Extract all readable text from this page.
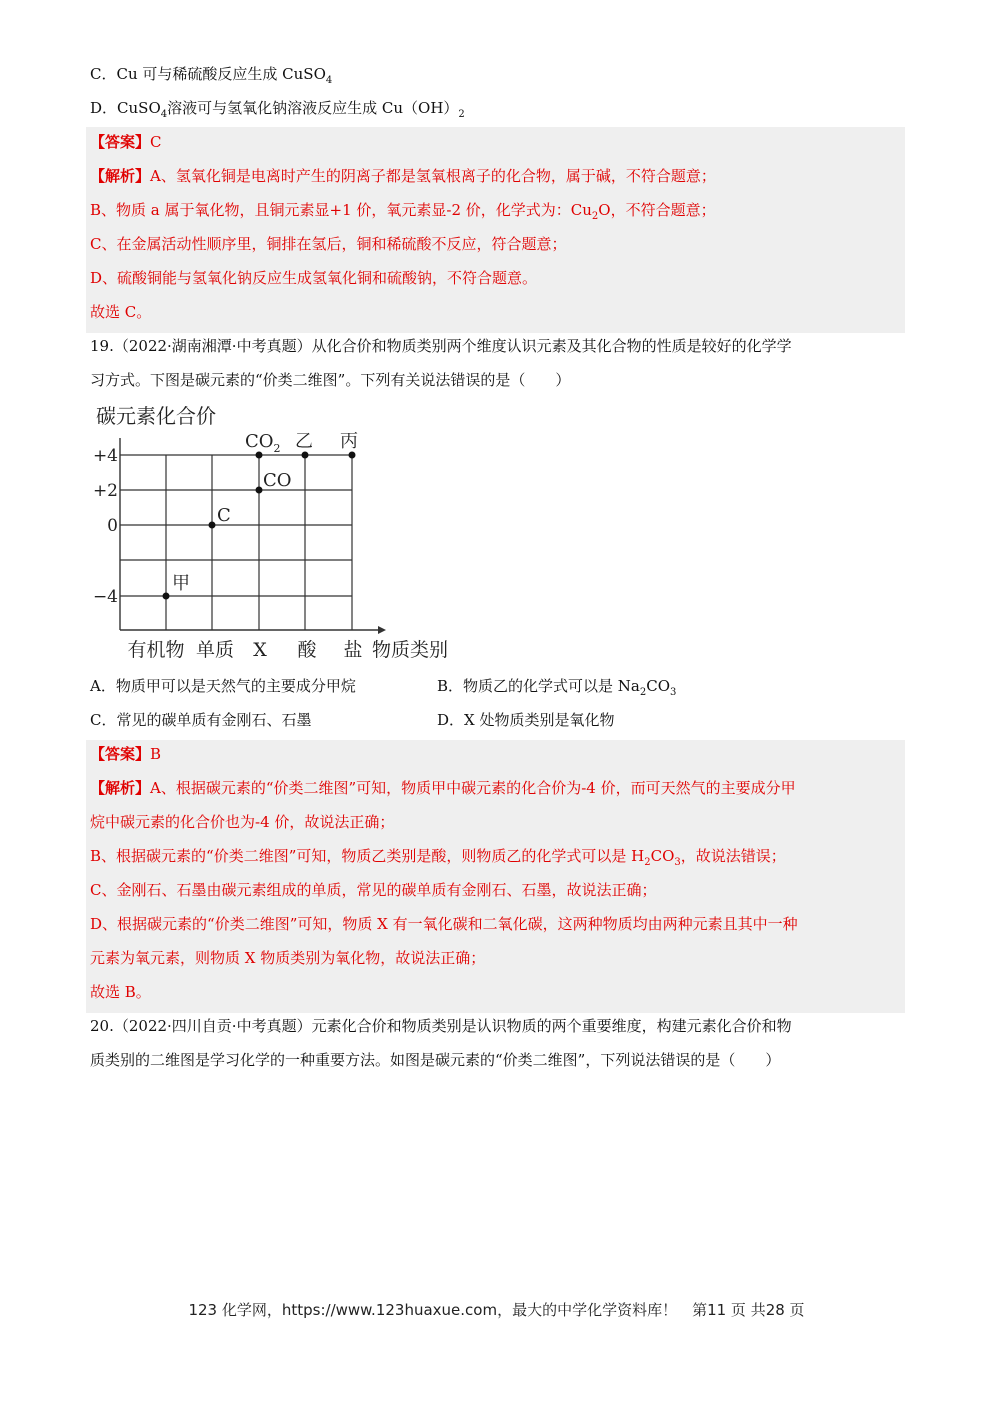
C．Cu 可与稀硫酸反应生成 CuSO$_4$
D．CuSO$_4$溶液可与氢氧化钠溶液反应生成 $Cu(OH)_2$
【答案】C
【解析】A、氢氧化铜是电离时产生的阴离子都是氢氧根离子的化合物，属于碱，不符合题意；
B、物质 a 属于氧化物，且铜元素显+1 价，氧元素显-2 价，化学式为：$Cu_2O$，不符合题意；
C、在金属活动性顺序里，铜排在氢后，铜和稀硫酸不反应，符合题意；
D、硫酸铜能与氢氧化钠反应生成氢氧化铜和硫酸钠，不符合题意。
故选 C。
19.（2022·湖南湘潭·中考真题）从化合价和物质类别两个维度认识元素及其化合物的性质是较好的化学学
习方式。下图是碳元素的“价类二维图”。下列有关说法错误的是（　　）
碳元素化合价
+4
+2
0
−4
有机物 单质 X 酸 盐 物质类别
甲
C
CO
$CO_2$ 乙 丙
A．物质甲可以是天然气的主要成分甲烷	B．物质乙的化学式可以是 $Na_2CO_3$
C．常见的碳单质有金刚石、石墨	D．X 处物质类别是氧化物
【答案】B
【解析】A、根据碳元素的“价类二维图”可知，物质甲中碳元素的化合价为-4 价，而可天然气的主要成分甲
烷中碳元素的化合价也为-4 价，故说法正确；
B、根据碳元素的“价类二维图”可知，物质乙类别是酸，则物质乙的化学式可以是 $H_2CO_3$，故说法错误；
C、金刚石、石墨由碳元素组成的单质，常见的碳单质有金刚石、石墨，故说法正确；
D、根据碳元素的“价类二维图”可知，物质 X 有一氧化碳和二氧化碳，这两种物质均由两种元素且其中一种
元素为氧元素，则物质 X 物质类别为氧化物，故说法正确；
故选 B。
20.（2022·四川自贡·中考真题）元素化合价和物质类别是认识物质的两个重要维度，构建元素化合价和物
质类别的二维图是学习化学的一种重要方法。如图是碳元素的“价类二维图”，下列说法错误的是（　　）
123 化学网，https://www.123huaxue.com，最大的中学化学资料库！　第11 页 共28 页
